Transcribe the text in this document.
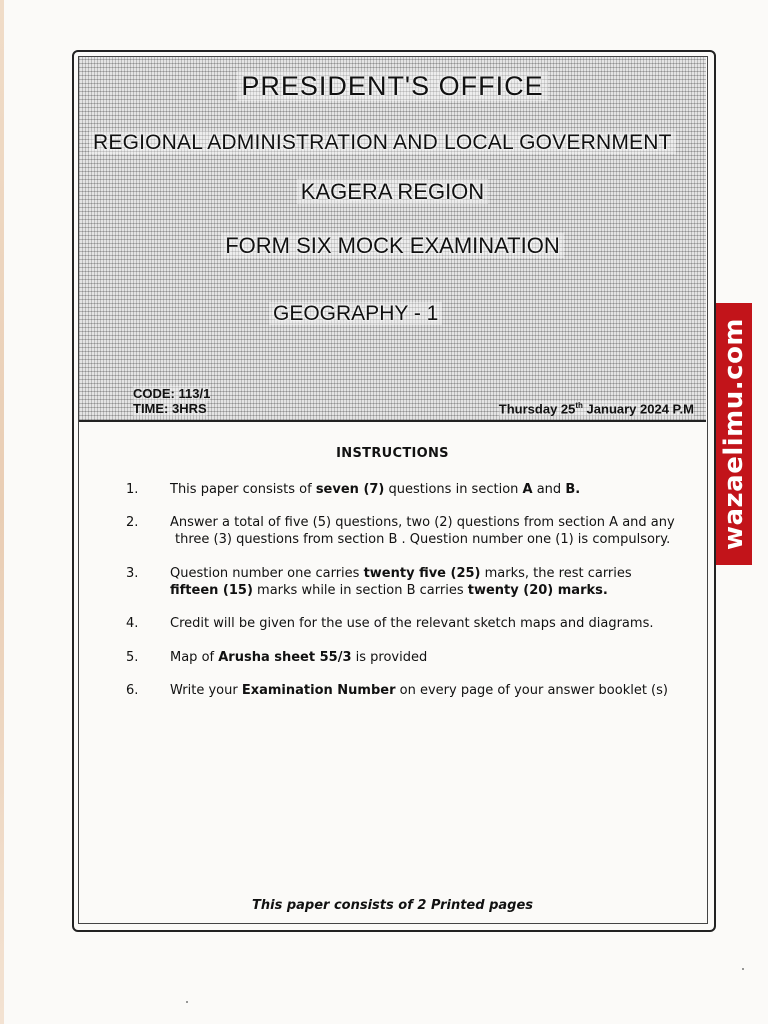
PRESIDENT'S OFFICE
REGIONAL ADMINISTRATION AND LOCAL GOVERNMENT
KAGERA REGION
FORM SIX MOCK EXAMINATION
GEOGRAPHY - 1
CODE: 113/1
TIME: 3HRS	Thursday 25th January 2024 P.M
INSTRUCTIONS
1.	This paper consists of seven (7) questions in section A and B.
2.	Answer a total of five (5) questions, two (2) questions from section A and any
three (3) questions from section B . Question number one (1) is compulsory.
3.	Question number one carries twenty five (25) marks, the rest carries
fifteen (15) marks while in section B carries twenty (20) marks.
4.	Credit will be given for the use of the relevant sketch maps and diagrams.
5.	Map of Arusha sheet 55/3 is provided
6.	Write your Examination Number on every page of your answer booklet (s)
This paper consists of 2 Printed pages
wazaelimu.com
